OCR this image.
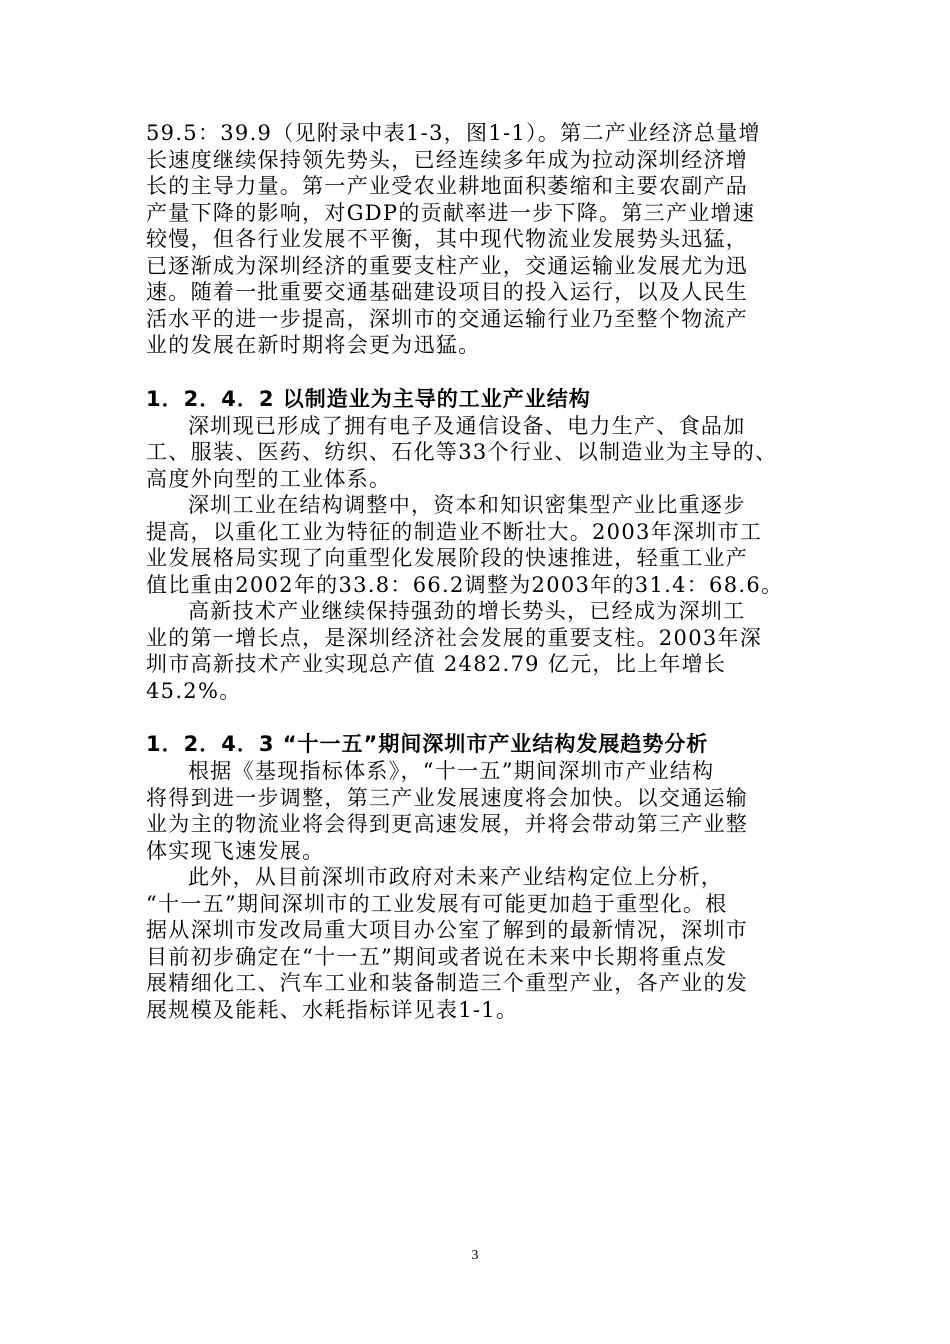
59.5：39.9（见附录中表1-3，图1-1）。第二产业经济总量增
长速度继续保持领先势头，已经连续多年成为拉动深圳经济增
长的主导力量。第一产业受农业耕地面积萎缩和主要农副产品
产量下降的影响，对GDP的贡献率进一步下降。第三产业增速
较慢，但各行业发展不平衡，其中现代物流业发展势头迅猛，
已逐渐成为深圳经济的重要支柱产业，交通运输业发展尤为迅
速。随着一批重要交通基础建设项目的投入运行，以及人民生
活水平的进一步提高，深圳市的交通运输行业乃至整个物流产
业的发展在新时期将会更为迅猛。
1．2．4．2 以制造业为主导的工业产业结构
深圳现已形成了拥有电子及通信设备、电力生产、食品加
工、服装、医药、纺织、石化等33个行业、以制造业为主导的、
高度外向型的工业体系。
深圳工业在结构调整中，资本和知识密集型产业比重逐步
提高，以重化工业为特征的制造业不断壮大。2003年深圳市工
业发展格局实现了向重型化发展阶段的快速推进，轻重工业产
值比重由2002年的33.8：66.2调整为2003年的31.4：68.6。
高新技术产业继续保持强劲的增长势头，已经成为深圳工
业的第一增长点，是深圳经济社会发展的重要支柱。2003年深
圳市高新技术产业实现总产值 2482.79 亿元，比上年增长
45.2%。
1．2．4．3 “十一五”期间深圳市产业结构发展趋势分析
根据《基现指标体系》，“十一五”期间深圳市产业结构
将得到进一步调整，第三产业发展速度将会加快。以交通运输
业为主的物流业将会得到更高速发展，并将会带动第三产业整
体实现飞速发展。
此外，从目前深圳市政府对未来产业结构定位上分析，
“十一五”期间深圳市的工业发展有可能更加趋于重型化。根
据从深圳市发改局重大项目办公室了解到的最新情况，深圳市
目前初步确定在“十一五”期间或者说在未来中长期将重点发
展精细化工、汽车工业和装备制造三个重型产业，各产业的发
展规模及能耗、水耗指标详见表1-1。
3
